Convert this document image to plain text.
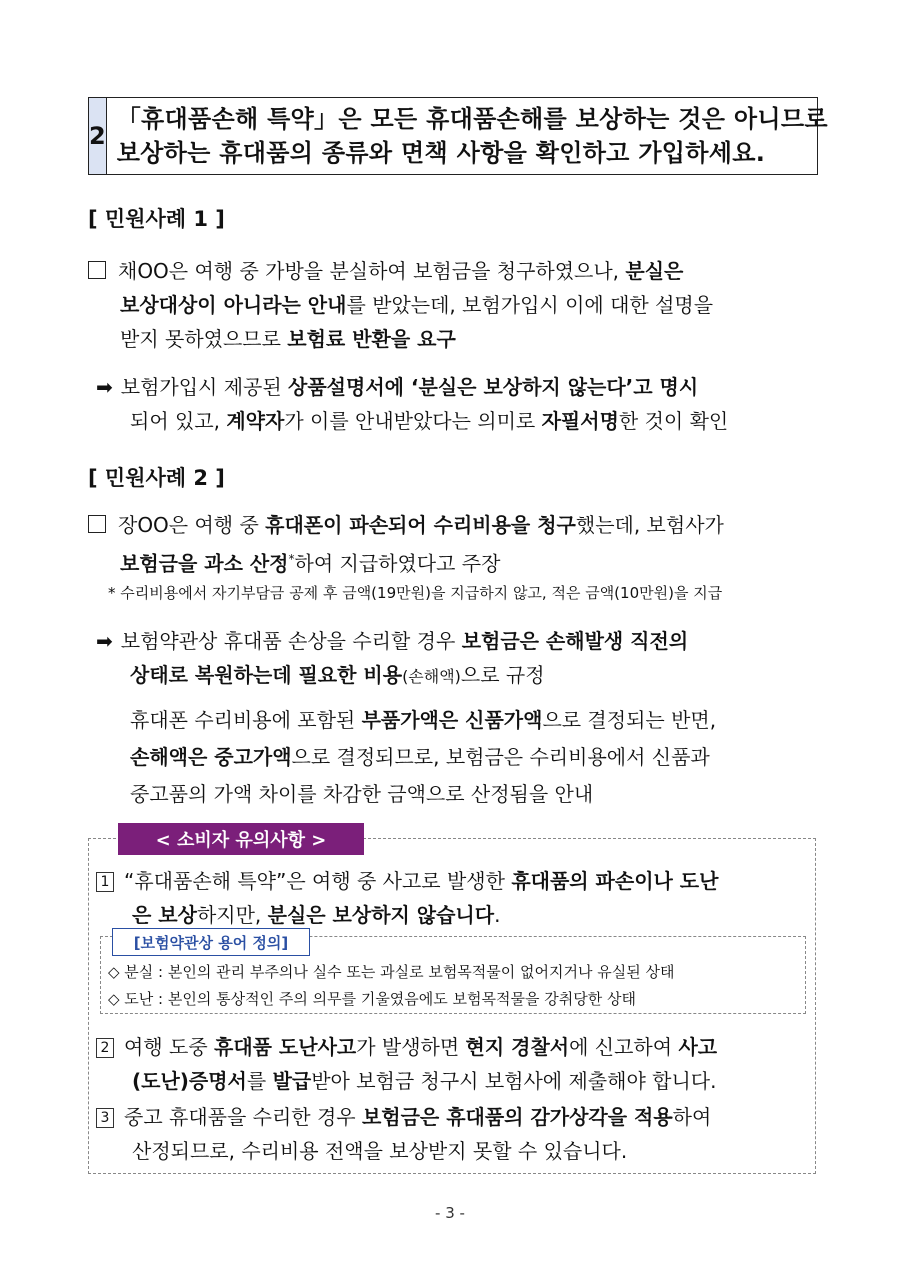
2
「휴대품손해 특약」은 모든 휴대품손해를 보상하는 것은 아니므로
보상하는 휴대품의 종류와 면책 사항을 확인하고 가입하세요.
[ 민원사례 1 ]
채OO은 여행 중 가방을 분실하여 보험금을 청구하였으나, 분실은
보상대상이 아니라는 안내를 받았는데, 보험가입시 이에 대한 설명을
받지 못하였으므로 보험료 반환을 요구
➡ 보험가입시 제공된 상품설명서에 ‘분실은 보상하지 않는다’고 명시
되어 있고, 계약자가 이를 안내받았다는 의미로 자필서명한 것이 확인
[ 민원사례 2 ]
장OO은 여행 중 휴대폰이 파손되어 수리비용을 청구했는데, 보험사가
보험금을 과소 산정*하여 지급하였다고 주장
* 수리비용에서 자기부담금 공제 후 금액(19만원)을 지급하지 않고, 적은 금액(10만원)을 지급
➡ 보험약관상 휴대품 손상을 수리할 경우 보험금은 손해발생 직전의
상태로 복원하는데 필요한 비용(손해액)으로 규정
휴대폰 수리비용에 포함된 부품가액은 신품가액으로 결정되는 반면,
손해액은 중고가액으로 결정되므로, 보험금은 수리비용에서 신품과
중고품의 가액 차이를 차감한 금액으로 산정됨을 안내
< 소비자 유의사항 >
1 “휴대품손해 특약”은 여행 중 사고로 발생한 휴대품의 파손이나 도난
은 보상하지만, 분실은 보상하지 않습니다.
[보험약관상 용어 정의]
◇ 분실 : 본인의 관리 부주의나 실수 또는 과실로 보험목적물이 없어지거나 유실된 상태
◇ 도난 : 본인의 통상적인 주의 의무를 기울였음에도 보험목적물을 강취당한 상태
2 여행 도중 휴대품 도난사고가 발생하면 현지 경찰서에 신고하여 사고
(도난)증명서를 발급받아 보험금 청구시 보험사에 제출해야 합니다.
3 중고 휴대품을 수리한 경우 보험금은 휴대품의 감가상각을 적용하여
산정되므로, 수리비용 전액을 보상받지 못할 수 있습니다.
- 3 -
